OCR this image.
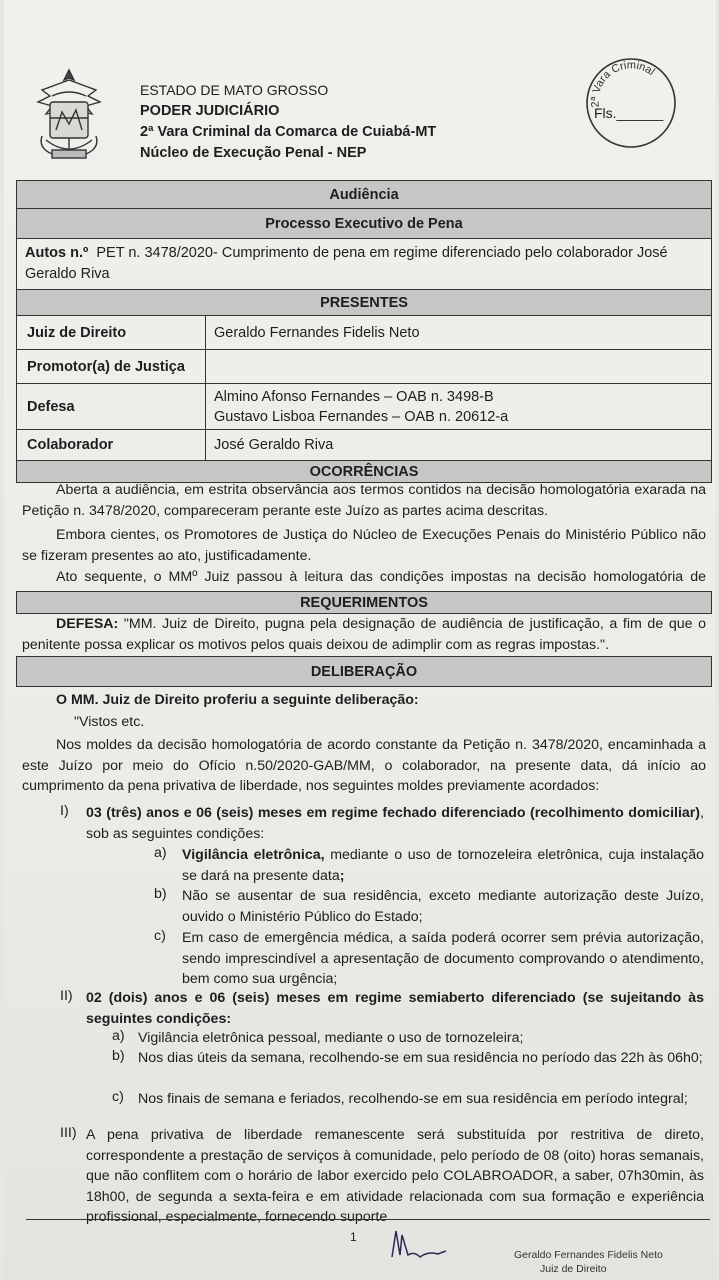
ESTADO DE MATO GROSSO
PODER JUDICIÁRIO
2ª Vara Criminal da Comarca de Cuiabá-MT
Núcleo de Execução Penal - NEP
2ª Vara Criminal
Fls.______
Audiência
Processo Executivo de Pena
Autos n.º PET n. 3478/2020- Cumprimento de pena em regime diferenciado pelo colaborador José Geraldo Riva
PRESENTES
Juiz de Direito	Geraldo Fernandes Fidelis Neto
Promotor(a) de Justiça
Defesa
Almino Afonso Fernandes – OAB n. 3498-B
Gustavo Lisboa Fernandes – OAB n. 20612-a
Colaborador	José Geraldo Riva
OCORRÊNCIAS
Aberta a audiência, em estrita observância aos termos contidos na decisão homologatória exarada na Petição n. 3478/2020, compareceram perante este Juízo as partes acima descritas.
Embora cientes, os Promotores de Justiça do Núcleo de Execuções Penais do Ministério Público não se fizeram presentes ao ato, justificadamente.
Ato sequente, o MMº Juiz passou à leitura das condições impostas na decisão homologatória de
REQUERIMENTOS
DEFESA: "MM. Juiz de Direito, pugna pela designação de audiência de justificação, a fim de que o penitente possa explicar os motivos pelos quais deixou de adimplir com as regras impostas.".
DELIBERAÇÃO
O MM. Juiz de Direito proferiu a seguinte deliberação:
"Vistos etc.
Nos moldes da decisão homologatória de acordo constante da Petição n. 3478/2020, encaminhada a este Juízo por meio do Ofício n.50/2020-GAB/MM, o colaborador, na presente data, dá início ao cumprimento da pena privativa de liberdade, nos seguintes moldes previamente acordados:
I) 03 (três) anos e 06 (seis) meses em regime fechado diferenciado (recolhimento domiciliar), sob as seguintes condições:
a) Vigilância eletrônica, mediante o uso de tornozeleira eletrônica, cuja instalação se dará na presente data;
b) Não se ausentar de sua residência, exceto mediante autorização deste Juízo, ouvido o Ministério Público do Estado;
c) Em caso de emergência médica, a saída poderá ocorrer sem prévia autorização, sendo imprescindível a apresentação de documento comprovando o atendimento, bem como sua urgência;
II) 02 (dois) anos e 06 (seis) meses em regime semiaberto diferenciado (se sujeitando às seguintes condições:
a) Vigilância eletrônica pessoal, mediante o uso de tornozeleira;
b) Nos dias úteis da semana, recolhendo-se em sua residência no período das 22h às 06h0;
c) Nos finais de semana e feriados, recolhendo-se em sua residência em período integral;
III) A pena privativa de liberdade remanescente será substituída por restritiva de direto, correspondente a prestação de serviços à comunidade, pelo período de 08 (oito) horas semanais, que não conflitem com o horário de labor exercido pelo COLABROADOR, a saber, 07h30min, às 18h00, de segunda a sexta-feira e em atividade relacionada com sua formação e experiência profissional, especialmente, fornecendo suporte
1
Geraldo Fernandes Fidelis Neto
Juiz de Direito
